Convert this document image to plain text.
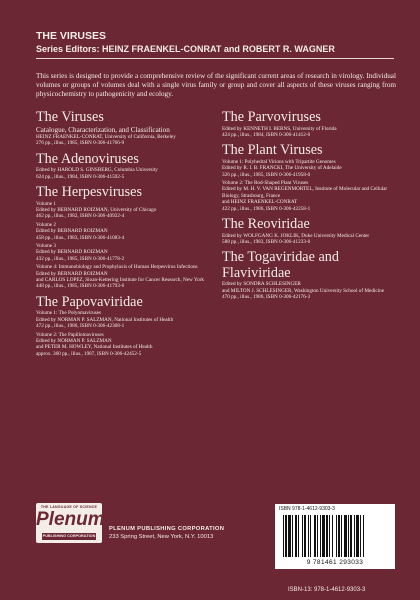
THE VIRUSES
Series Editors: HEINZ FRAENKEL-CONRAT and ROBERT R. WAGNER

This series is designed to provide a comprehensive review of the significant current areas of research in virology. Individual volumes or groups of volumes deal with a single virus family or group and cover all aspects of these viruses ranging from physicochemistry to pathogenicity and ecology.

The Viruses
Catalogue, Characterization, and Classification
HEINZ FRAENKEL-CONRAT, University of California, Berkeley
276 pp., illus., 1985, ISBN 0-306-41766-9
The Adenoviruses
Edited by HAROLD S. GINSBERG, Columbia University
624 pp., illus., 1984, ISBN 0-306-41592-5
The Herpesviruses
Volume 1
Edited by BERNARD ROIZMAN, University of Chicago
462 pp., illus., 1982, ISBN 0-306-40922-4
Volume 2
Edited by BERNARD ROIZMAN
458 pp., illus., 1983, ISBN 0-306-41083-4
Volume 3
Edited by BERNARD ROIZMAN
432 pp., illus., 1985, ISBN 0-306-41778-2
Volume 4: Immunobiology and Prophylaxis of Human Herpesvirus Infections
Edited by BERNARD ROIZMAN
and CARLOS LOPEZ, Sloan-Kettering Institute for Cancer Research, New York
448 pp., illus., 1985, ISBN 0-306-41793-6
The Papovaviridae
Volume 1: The Polyomaviruses
Edited by NORMAN P. SALZMAN, National Institutes of Health
472 pp., illus., 1986, ISBN 0-306-42308-1
Volume 2: The Papillomaviruses
Edited by NORMAN P. SALZMAN
and PETER M. HOWLEY, National Institutes of Health
approx. 360 pp., illus., 1987, ISBN 0-306-42452-5
The Parvoviruses
Edited by KENNETH I. BERNS, University of Florida
424 pp., illus., 1984, ISBN 0-306-41412-0
The Plant Viruses
Volume 1: Polyhedral Virions with Tripartite Genomes
Edited by R. I. B. FRANCKI, The University of Adelaide
326 pp., illus., 1985, ISBN 0-306-41958-0
Volume 2: The Rod-Shaped Plant Viruses
Edited by M. H. V. VAN REGENMORTEL, Institute of Molecular and Cellular Biology, Strasbourg, France
and HEINZ FRAENKEL-CONRAT
422 pp., illus., 1986, ISBN 0-306-42258-1
The Reoviridae
Edited by WOLFGANG K. JOKLIK, Duke University Medical Center
588 pp., illus., 1983, ISBN 0-306-41233-0
The Togaviridae and Flaviviridae
Edited by SONDRA SCHLESINGER
and MILTON J. SCHLESINGER, Washington University School of Medicine
470 pp., illus., 1986, ISBN 0-306-42176-3
THE LANGUAGE OF SCIENCE
Plenum
PUBLISHING CORPORATION
PLENUM PUBLISHING CORPORATION
233 Spring Street, New York, N.Y. 10013
ISBN 978-1-4612-9303-3
9 781461 293033
ISBN-13: 978-1-4612-9303-3
